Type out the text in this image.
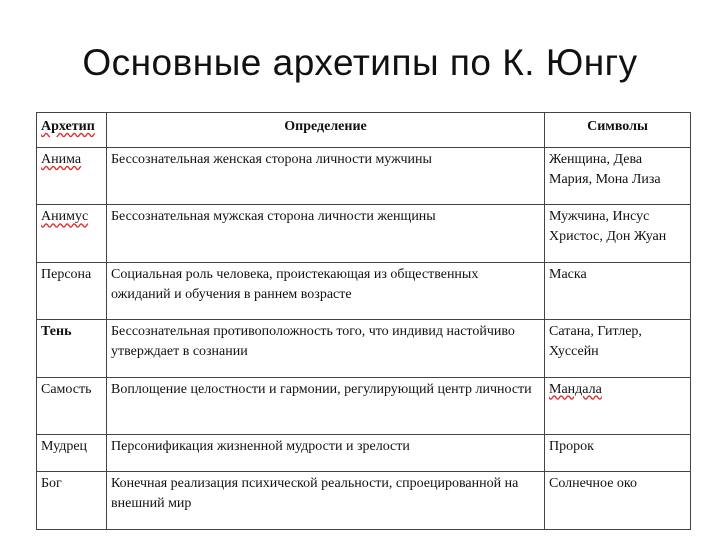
Основные архетипы по К. Юнгу
Архетип	Определение	Символы
Анима	Бессознательная женская сторона личности мужчины	Женщина, Дева Мария, Мона Лиза
Анимус	Бессознательная мужская сторона личности женщины	Мужчина, Инсус Христос, Дон Жуан
Персона	Социальная роль человека, проистекающая из общественных ожиданий и обучения в раннем возрасте	Маска
Тень	Бессознательная противоположность того, что индивид настойчиво утверждает в сознании	Сатана, Гитлер, Хуссейн
Самость	Воплощение целостности и гармонии, регулирующий центр личности	Мандала
Мудрец	Персонификация жизненной мудрости и зрелости	Пророк
Бог	Конечная реализация психической реальности, спроецированной на внешний мир	Солнечное око
